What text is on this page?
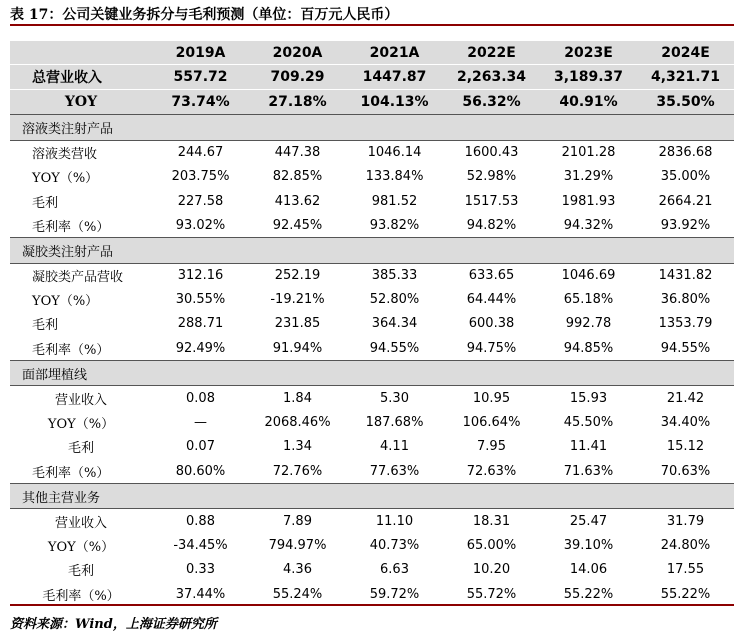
表 17：公司关键业务拆分与毛利预测（单位：百万元人民币）
	2019A	2020A	2021A	2022E	2023E	2024E
总营业收入	557.72	709.29	1447.87	2,263.34	3,189.37	4,321.71
YOY	73.74%	27.18%	104.13%	56.32%	40.91%	35.50%
溶液类注射产品						
溶液类营收	244.67	447.38	1046.14	1600.43	2101.28	2836.68
YOY（%）	203.75%	82.85%	133.84%	52.98%	31.29%	35.00%
毛利	227.58	413.62	981.52	1517.53	1981.93	2664.21
毛利率（%）	93.02%	92.45%	93.82%	94.82%	94.32%	93.92%
凝胶类注射产品						
凝胶类产品营收	312.16	252.19	385.33	633.65	1046.69	1431.82
YOY（%）	30.55%	-19.21%	52.80%	64.44%	65.18%	36.80%
毛利	288.71	231.85	364.34	600.38	992.78	1353.79
毛利率（%）	92.49%	91.94%	94.55%	94.75%	94.85%	94.55%
面部埋植线						
营业收入	0.08	1.84	5.30	10.95	15.93	21.42
YOY（%）	—	2068.46%	187.68%	106.64%	45.50%	34.40%
毛利	0.07	1.34	4.11	7.95	11.41	15.12
毛利率（%）	80.60%	72.76%	77.63%	72.63%	71.63%	70.63%
其他主营业务						
营业收入	0.88	7.89	11.10	18.31	25.47	31.79
YOY（%）	-34.45%	794.97%	40.73%	65.00%	39.10%	24.80%
毛利	0.33	4.36	6.63	10.20	14.06	17.55
毛利率（%）	37.44%	55.24%	59.72%	55.72%	55.22%	55.22%
资料来源：Wind，上海证券研究所
